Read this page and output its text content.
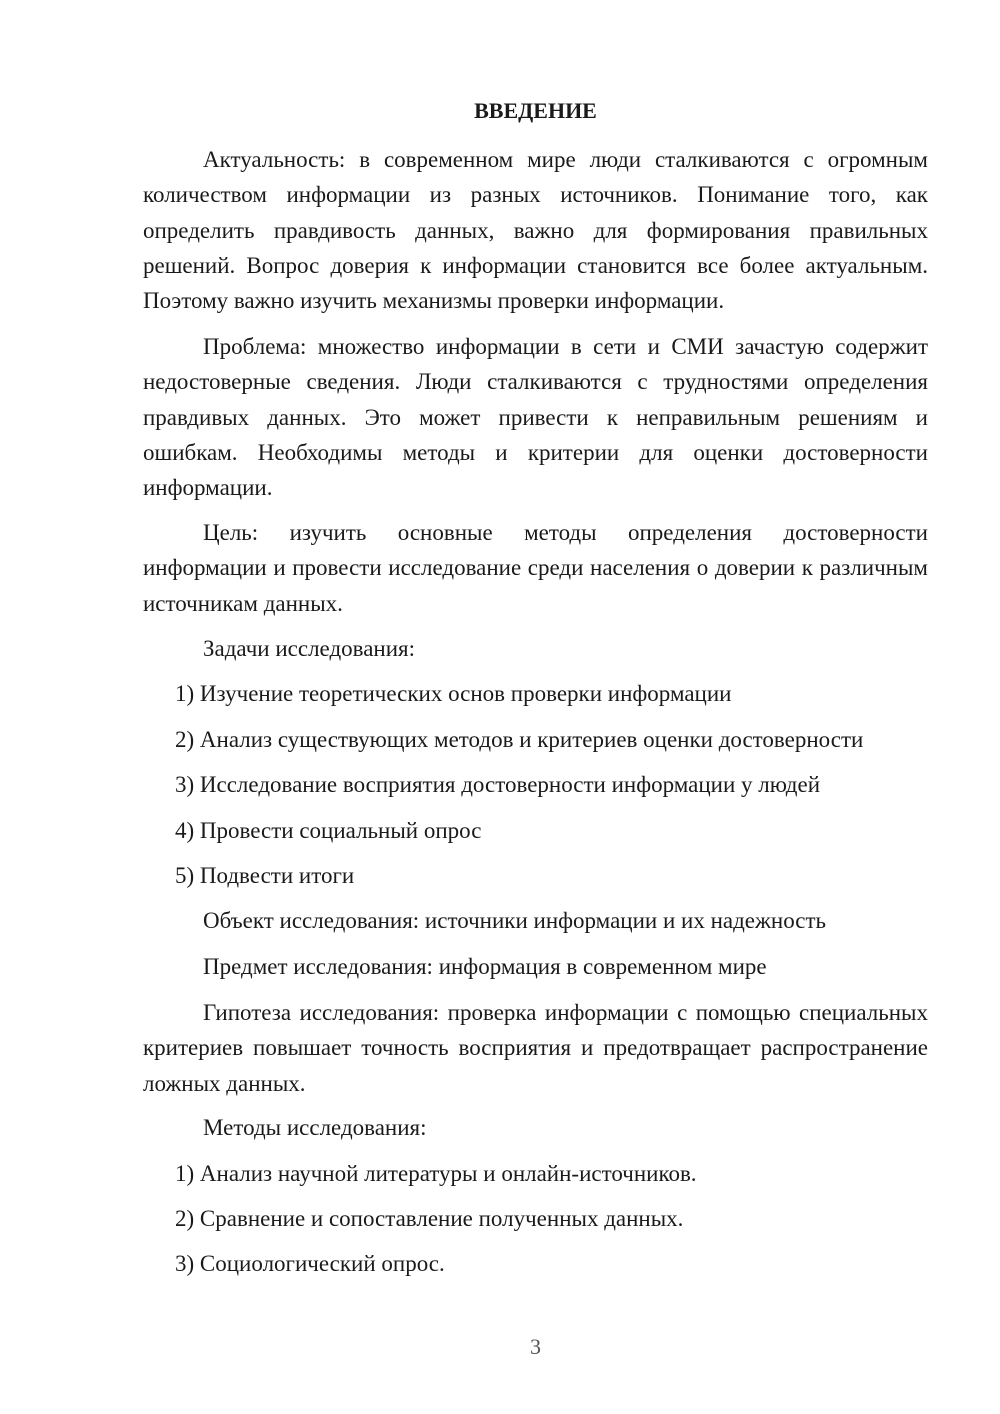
ВВЕДЕНИЕ

Актуальность: в современном мире люди сталкиваются с огромным количеством информации из разных источников. Понимание того, как определить правдивость данных, важно для формирования правильных решений. Вопрос доверия к информации становится все более актуальным. Поэтому важно изучить механизмы проверки информации.

Проблема: множество информации в сети и СМИ зачастую содержит недостоверные сведения. Люди сталкиваются с трудностями определения правдивых данных. Это может привести к неправильным решениям и ошибкам. Необходимы методы и критерии для оценки достоверности информации.

Цель: изучить основные методы определения достоверности информации и провести исследование среди населения о доверии к различным источникам данных.

Задачи исследования:

1) Изучение теоретических основ проверки информации

2) Анализ существующих методов и критериев оценки достоверности

3) Исследование восприятия достоверности информации у людей

4) Провести социальный опрос

5) Подвести итоги

Объект исследования: источники информации и их надежность

Предмет исследования: информация в современном мире

Гипотеза исследования: проверка информации с помощью специальных критериев повышает точность восприятия и предотвращает распространение ложных данных.

Методы исследования:

1) Анализ научной литературы и онлайн-источников.

2) Сравнение и сопоставление полученных данных.

3) Социологический опрос.

3
